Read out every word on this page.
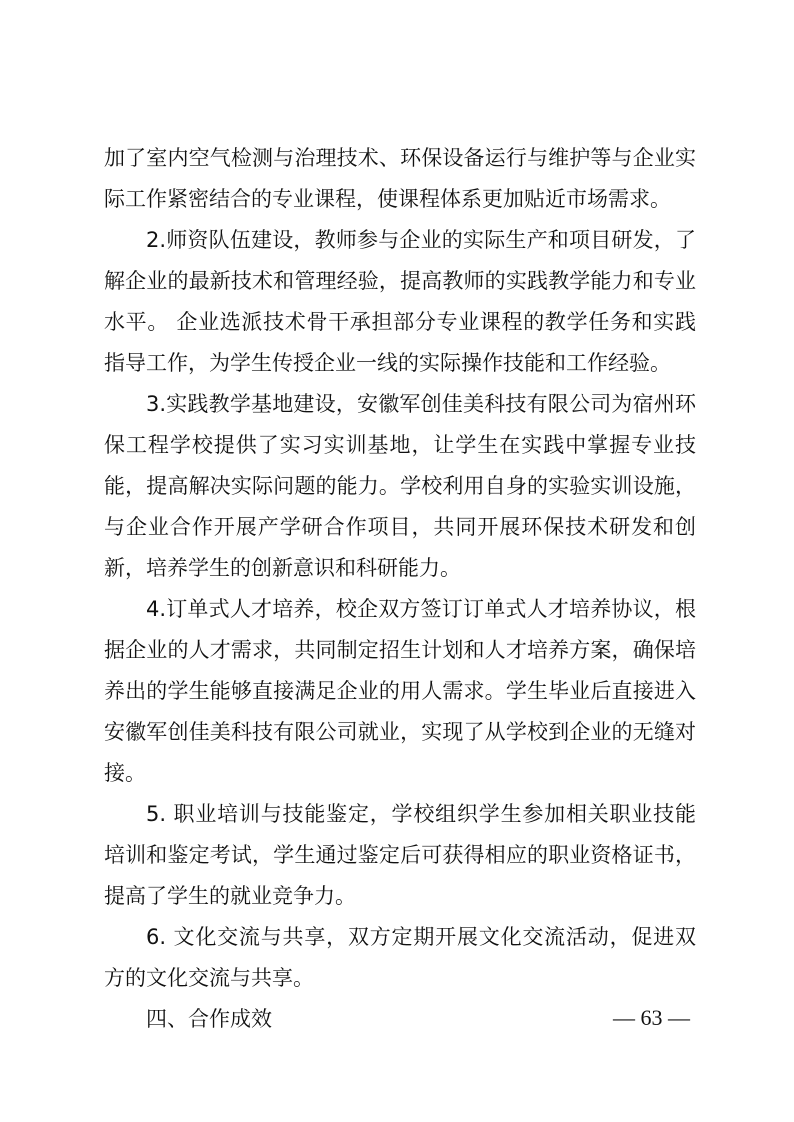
加了室内空气检测与治理技术、环保设备运行与维护等与企业实际工作紧密结合的专业课程，使课程体系更加贴近市场需求。

2.师资队伍建设，教师参与企业的实际生产和项目研发，了解企业的最新技术和管理经验，提高教师的实践教学能力和专业水平。 企业选派技术骨干承担部分专业课程的教学任务和实践指导工作，为学生传授企业一线的实际操作技能和工作经验。

3.实践教学基地建设，安徽军创佳美科技有限公司为宿州环保工程学校提供了实习实训基地，让学生在实践中掌握专业技能，提高解决实际问题的能力。学校利用自身的实验实训设施，与企业合作开展产学研合作项目，共同开展环保技术研发和创新，培养学生的创新意识和科研能力。

4.订单式人才培养，校企双方签订订单式人才培养协议，根据企业的人才需求，共同制定招生计划和人才培养方案，确保培养出的学生能够直接满足企业的用人需求。学生毕业后直接进入安徽军创佳美科技有限公司就业，实现了从学校到企业的无缝对接。

5. 职业培训与技能鉴定，学校组织学生参加相关职业技能培训和鉴定考试，学生通过鉴定后可获得相应的职业资格证书，提高了学生的就业竞争力。

6. 文化交流与共享，双方定期开展文化交流活动，促进双方的文化交流与共享。

四、合作成效	— 63 —
